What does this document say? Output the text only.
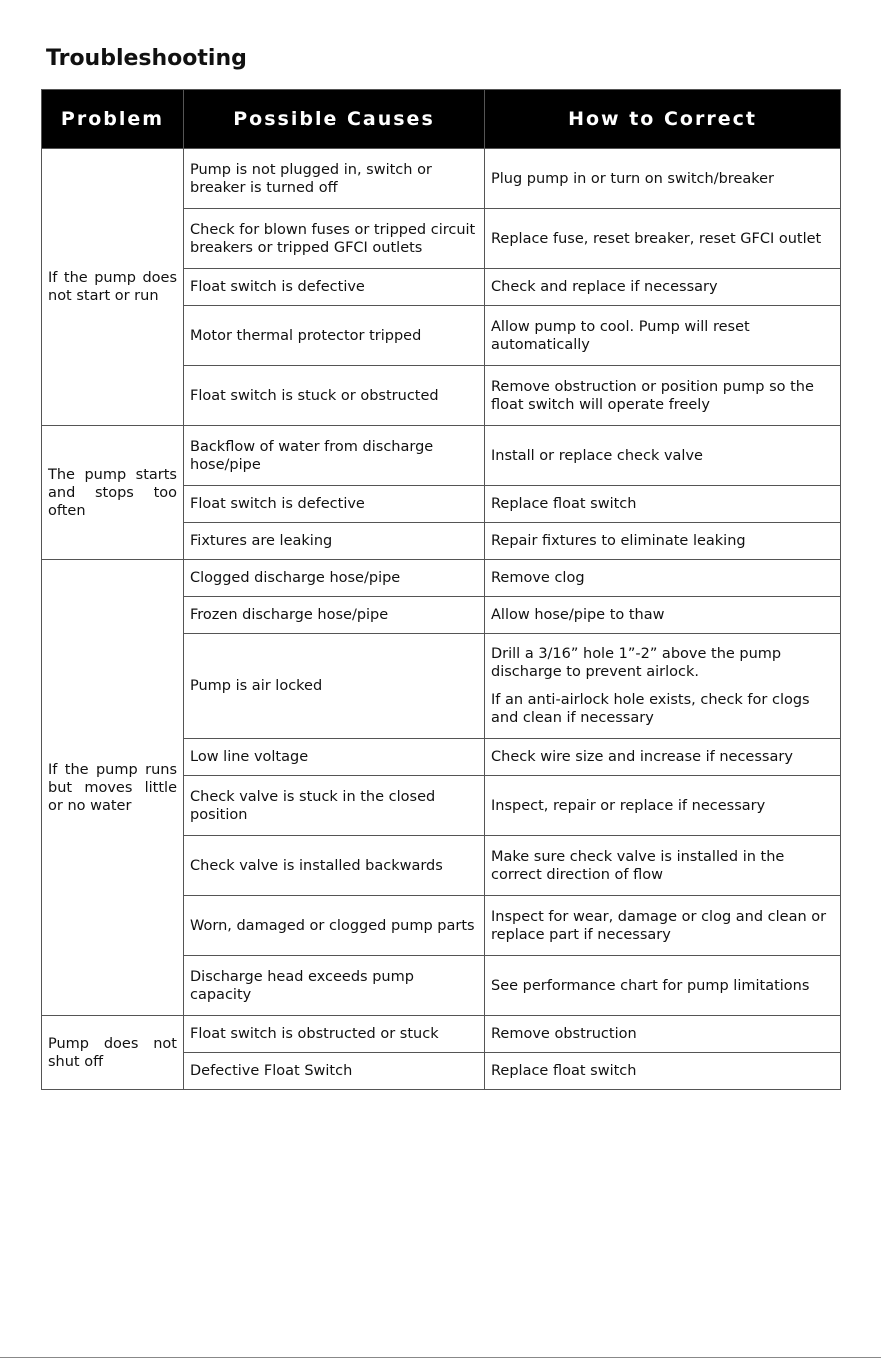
Troubleshooting
Problem	Possible Causes	How to Correct
If the pump does not start or run	Pump is not plugged in, switch or breaker is turned off	Plug pump in or turn on switch/breaker
	Check for blown fuses or tripped circuit breakers or tripped GFCI outlets	Replace fuse, reset breaker, reset GFCI outlet
	Float switch is defective	Check and replace if necessary
	Motor thermal protector tripped	Allow pump to cool. Pump will reset automatically
	Float switch is stuck or obstructed	Remove obstruction or position pump so the float switch will operate freely
The pump starts and stops too often	Backflow of water from discharge hose/pipe	Install or replace check valve
	Float switch is defective	Replace float switch
	Fixtures are leaking	Repair fixtures to eliminate leaking
If the pump runs but moves little or no water	Clogged discharge hose/pipe	Remove clog
	Frozen discharge hose/pipe	Allow hose/pipe to thaw
	Pump is air locked	Drill a 3/16” hole 1”-2” above the pump discharge to prevent airlock.
If an anti-airlock hole exists, check for clogs and clean if necessary

	Low line voltage	Check wire size and increase if necessary
	Check valve is stuck in the closed position	Inspect, repair or replace if necessary
	Check valve is installed backwards	Make sure check valve is installed in the correct direction of flow
	Worn, damaged or clogged pump parts	Inspect for wear, damage or clog and clean or replace part if necessary
	Discharge head exceeds pump capacity	See performance chart for pump limitations
Pump does not shut off	Float switch is obstructed or stuck	Remove obstruction
	Defective Float Switch	Replace float switch
